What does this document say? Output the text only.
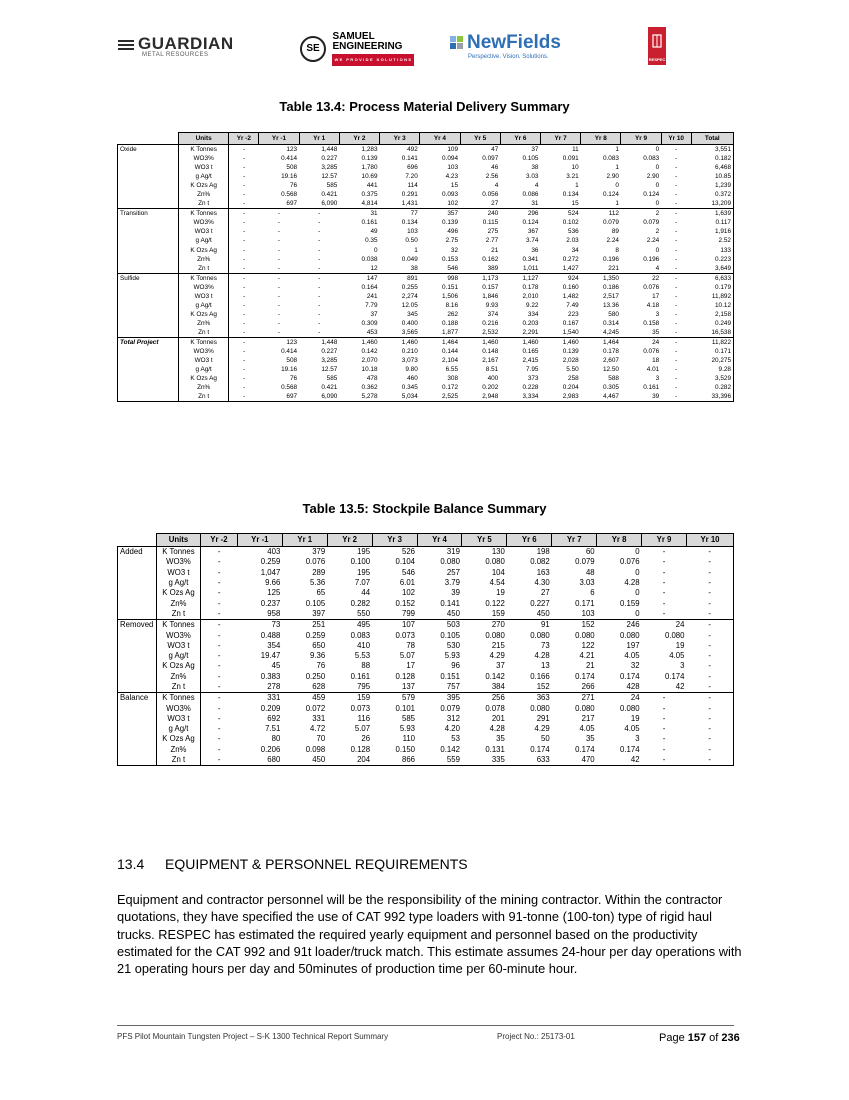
GUARDIAN
METAL RESOURCES
SE SAMUEL
ENGINEERING
WE PROVIDE SOLUTIONS
NewFields
Perspective. Vision. Solutions.	RESPEC
Table 13.4: Process Material Delivery Summary
	Units	Yr -2	Yr -1	Yr 1	Yr 2	Yr 3	Yr 4	Yr 5	Yr 6	Yr 7	Yr 8	Yr 9	Yr 10	Total
Oxide	K Tonnes	-	123	1,448	1,283	492	109	47	37	11	1	0	-	3,551
	WO3%	-	0.414	0.227	0.139	0.141	0.094	0.097	0.105	0.091	0.083	0.083	-	0.182
	WO3 t	-	508	3,285	1,780	696	103	46	38	10	1	0	-	6,468
	g Ag/t	-	19.16	12.57	10.69	7.20	4.23	2.56	3.03	3.21	2.90	2.90	-	10.85
	K Ozs Ag	-	76	585	441	114	15	4	4	1	0	0	-	1,239
	Zn%	-	0.568	0.421	0.375	0.291	0.093	0.056	0.086	0.134	0.124	0.124	-	0.372
	Zn t	-	697	6,090	4,814	1,431	102	27	31	15	1	0	-	13,209
Transition	K Tonnes	-	-	-	31	77	357	240	296	524	112	2	-	1,639
	WO3%	-	-	-	0.161	0.134	0.139	0.115	0.124	0.102	0.079	0.079	-	0.117
	WO3 t	-	-	-	49	103	496	275	367	536	89	2	-	1,916
	g Ag/t	-	-	-	0.35	0.50	2.75	2.77	3.74	2.03	2.24	2.24	-	2.52
	K Ozs Ag	-	-	-	0	1	32	21	36	34	8	0	-	133
	Zn%	-	-	-	0.038	0.049	0.153	0.162	0.341	0.272	0.196	0.196	-	0.223
	Zn t	-	-	-	12	38	546	389	1,011	1,427	221	4	-	3,649
Sulfide	K Tonnes	-	-	-	147	891	998	1,173	1,127	924	1,350	22	-	6,633
	WO3%	-	-	-	0.164	0.255	0.151	0.157	0.178	0.160	0.186	0.076	-	0.179
	WO3 t	-	-	-	241	2,274	1,506	1,846	2,010	1,482	2,517	17	-	11,892
	g Ag/t	-	-	-	7.79	12.05	8.16	9.93	9.22	7.49	13.36	4.18	-	10.12
	K Ozs Ag	-	-	-	37	345	262	374	334	223	580	3	-	2,158
	Zn%	-	-	-	0.309	0.400	0.188	0.216	0.203	0.167	0.314	0.158	-	0.249
	Zn t	-	-	-	453	3,565	1,877	2,532	2,291	1,540	4,245	35	-	16,538
Total Project	K Tonnes	-	123	1,448	1,460	1,460	1,464	1,460	1,460	1,460	1,464	24	-	11,822
	WO3%	-	0.414	0.227	0.142	0.210	0.144	0.148	0.165	0.139	0.178	0.076	-	0.171
	WO3 t	-	508	3,285	2,070	3,073	2,104	2,167	2,415	2,028	2,607	18	-	20,275
	g Ag/t	-	19.16	12.57	10.18	9.80	6.55	8.51	7.95	5.50	12.50	4.01	-	9.28
	K Ozs Ag	-	76	585	478	460	308	400	373	258	588	3	-	3,529
	Zn%	-	0.568	0.421	0.362	0.345	0.172	0.202	0.228	0.204	0.305	0.161	-	0.282
	Zn t	-	697	6,090	5,278	5,034	2,525	2,948	3,334	2,983	4,467	39	-	33,396
Table 13.5: Stockpile Balance Summary
	Units	Yr -2	Yr -1	Yr 1	Yr 2	Yr 3	Yr 4	Yr 5	Yr 6	Yr 7	Yr 8	Yr 9	Yr 10
Added	K Tonnes	-	403	379	195	526	319	130	198	60	0	-	-
	WO3%	-	0.259	0.076	0.100	0.104	0.080	0.080	0.082	0.079	0.076	-	-
	WO3 t	-	1,047	289	195	546	257	104	163	48	0	-	-
	g Ag/t	-	9.66	5.36	7.07	6.01	3.79	4.54	4.30	3.03	4.28	-	-
	K Ozs Ag	-	125	65	44	102	39	19	27	6	0	-	-
	Zn%	-	0.237	0.105	0.282	0.152	0.141	0.122	0.227	0.171	0.159	-	-
	Zn t	-	958	397	550	799	450	159	450	103	0	-	-
Removed	K Tonnes	-	73	251	495	107	503	270	91	152	246	24	-
	WO3%	-	0.488	0.259	0.083	0.073	0.105	0.080	0.080	0.080	0.080	0.080	-
	WO3 t	-	354	650	410	78	530	215	73	122	197	19	-
	g Ag/t	-	19.47	9.36	5.53	5.07	5.93	4.29	4.28	4.21	4.05	4.05	-
	K Ozs Ag	-	45	76	88	17	96	37	13	21	32	3	-
	Zn%	-	0.383	0.250	0.161	0.128	0.151	0.142	0.166	0.174	0.174	0.174	-
	Zn t	-	278	628	795	137	757	384	152	266	428	42	-
Balance	K Tonnes	-	331	459	159	579	395	256	363	271	24	-	-
	WO3%	-	0.209	0.072	0.073	0.101	0.079	0.078	0.080	0.080	0.080	-	-
	WO3 t	-	692	331	116	585	312	201	291	217	19	-	-
	g Ag/t	-	7.51	4.72	5.07	5.93	4.20	4.28	4.29	4.05	4.05	-	-
	K Ozs Ag	-	80	70	26	110	53	35	50	35	3	-	-
	Zn%	-	0.206	0.098	0.128	0.150	0.142	0.131	0.174	0.174	0.174	-	-
	Zn t	-	680	450	204	866	559	335	633	470	42	-	-
13.4 EQUIPMENT & PERSONNEL REQUIREMENTS
Equipment and contractor personnel will be the responsibility of the mining contractor. Within the contractor quotations, they have specified the use of CAT 992 type loaders with 91-tonne (100-ton) type of rigid haul trucks. RESPEC has estimated the required yearly equipment and personnel based on the productivity estimated for the CAT 992 and 91t loader/truck match. This estimate assumes 24-hour per day operations with 21 operating hours per day and 50minutes of production time per 60-minute hour.
PFS Pilot Mountain Tungsten Project – S-K 1300 Technical Report Summary	Project No.: 25173-01	Page 157 of 236
